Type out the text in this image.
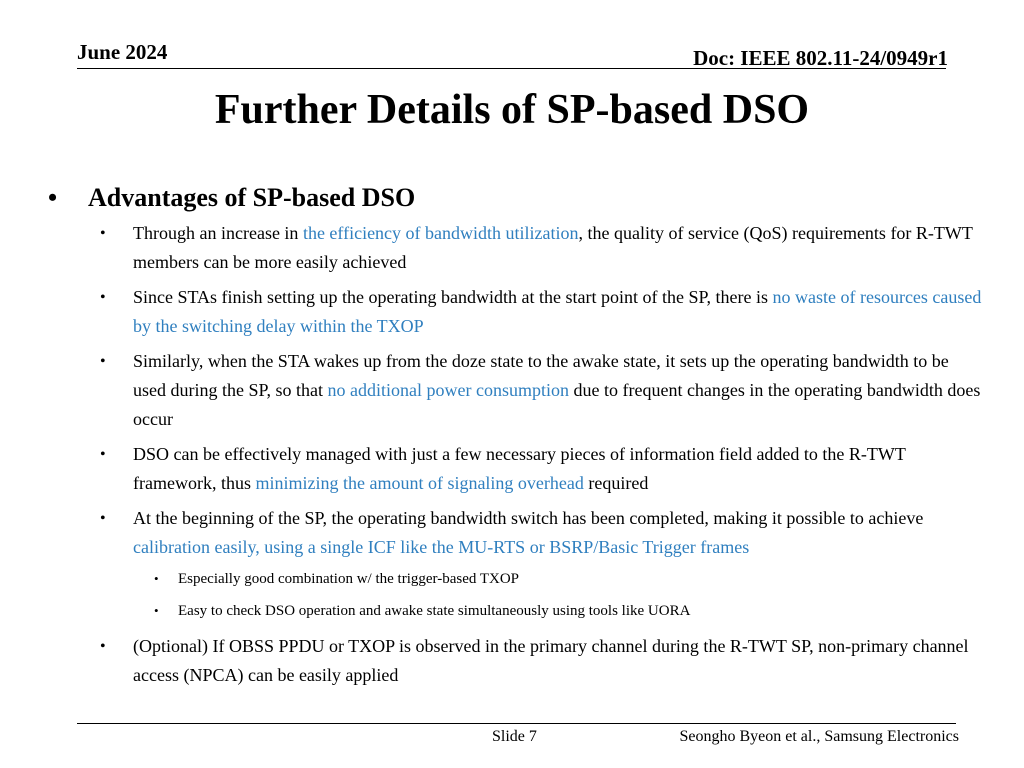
June 2024	Doc: IEEE 802.11-24/0949r1
Further Details of SP-based DSO
• Advantages of SP-based DSO
• Through an increase in the efficiency of bandwidth utilization, the quality of service (QoS) requirements for R-TWT members can be more easily achieved
• Since STAs finish setting up the operating bandwidth at the start point of the SP, there is no waste of resources caused by the switching delay within the TXOP
• Similarly, when the STA wakes up from the doze state to the awake state, it sets up the operating bandwidth to be used during the SP, so that no additional power consumption due to frequent changes in the operating bandwidth does occur
• DSO can be effectively managed with just a few necessary pieces of information field added to the R-TWT framework, thus minimizing the amount of signaling overhead required
• At the beginning of the SP, the operating bandwidth switch has been completed, making it possible to achieve calibration easily, using a single ICF like the MU-RTS or BSRP/Basic Trigger frames
• Especially good combination w/ the trigger-based TXOP
• Easy to check DSO operation and awake state simultaneously using tools like UORA
• (Optional) If OBSS PPDU or TXOP is observed in the primary channel during the R-TWT SP, non-primary channel access (NPCA) can be easily applied
Slide 7	Seongho Byeon et al., Samsung Electronics
